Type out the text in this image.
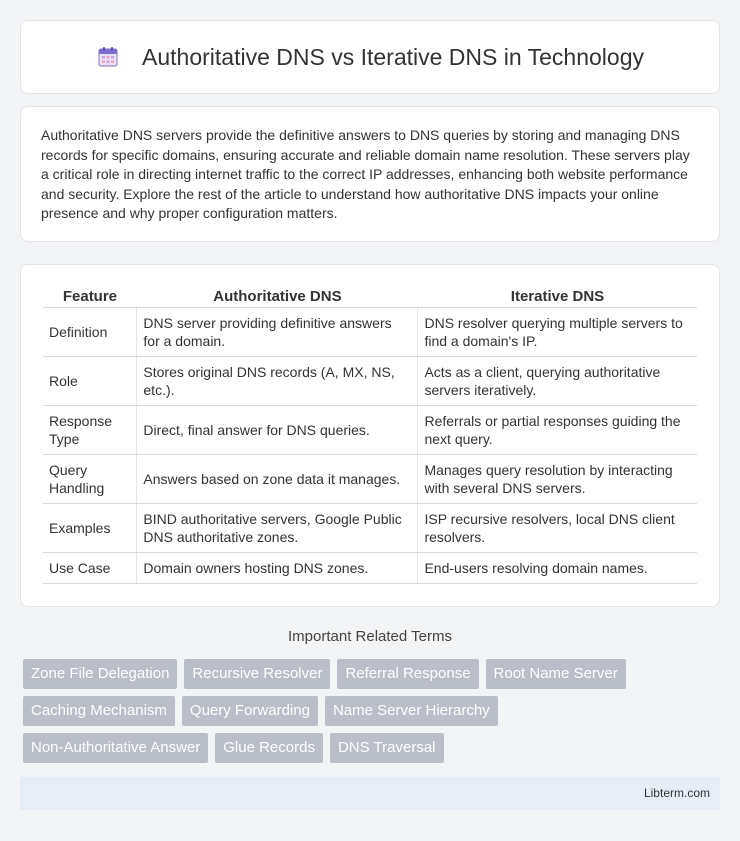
Authoritative DNS vs Iterative DNS in Technology

Authoritative DNS servers provide the definitive answers to DNS queries by storing and managing DNS records for specific domains, ensuring accurate and reliable domain name resolution. These servers play a critical role in directing internet traffic to the correct IP addresses, enhancing both website performance and security. Explore the rest of the article to understand how authoritative DNS impacts your online presence and why proper configuration matters.

Feature	Authoritative DNS	Iterative DNS
Definition	DNS server providing definitive answers for a domain.	DNS resolver querying multiple servers to find a domain's IP.
Role	Stores original DNS records (A, MX, NS, etc.).	Acts as a client, querying authoritative servers iteratively.
Response Type	Direct, final answer for DNS queries.	Referrals or partial responses guiding the next query.
Query Handling	Answers based on zone data it manages.	Manages query resolution by interacting with several DNS servers.
Examples	BIND authoritative servers, Google Public DNS authoritative zones.	ISP recursive resolvers, local DNS client resolvers.
Use Case	Domain owners hosting DNS zones.	End-users resolving domain names.
Important Related Terms
Zone File Delegation	Recursive Resolver	Referral Response	Root Name Server
Caching Mechanism	Query Forwarding	Name Server Hierarchy
Non-Authoritative Answer	Glue Records	DNS Traversal
Libterm.com
